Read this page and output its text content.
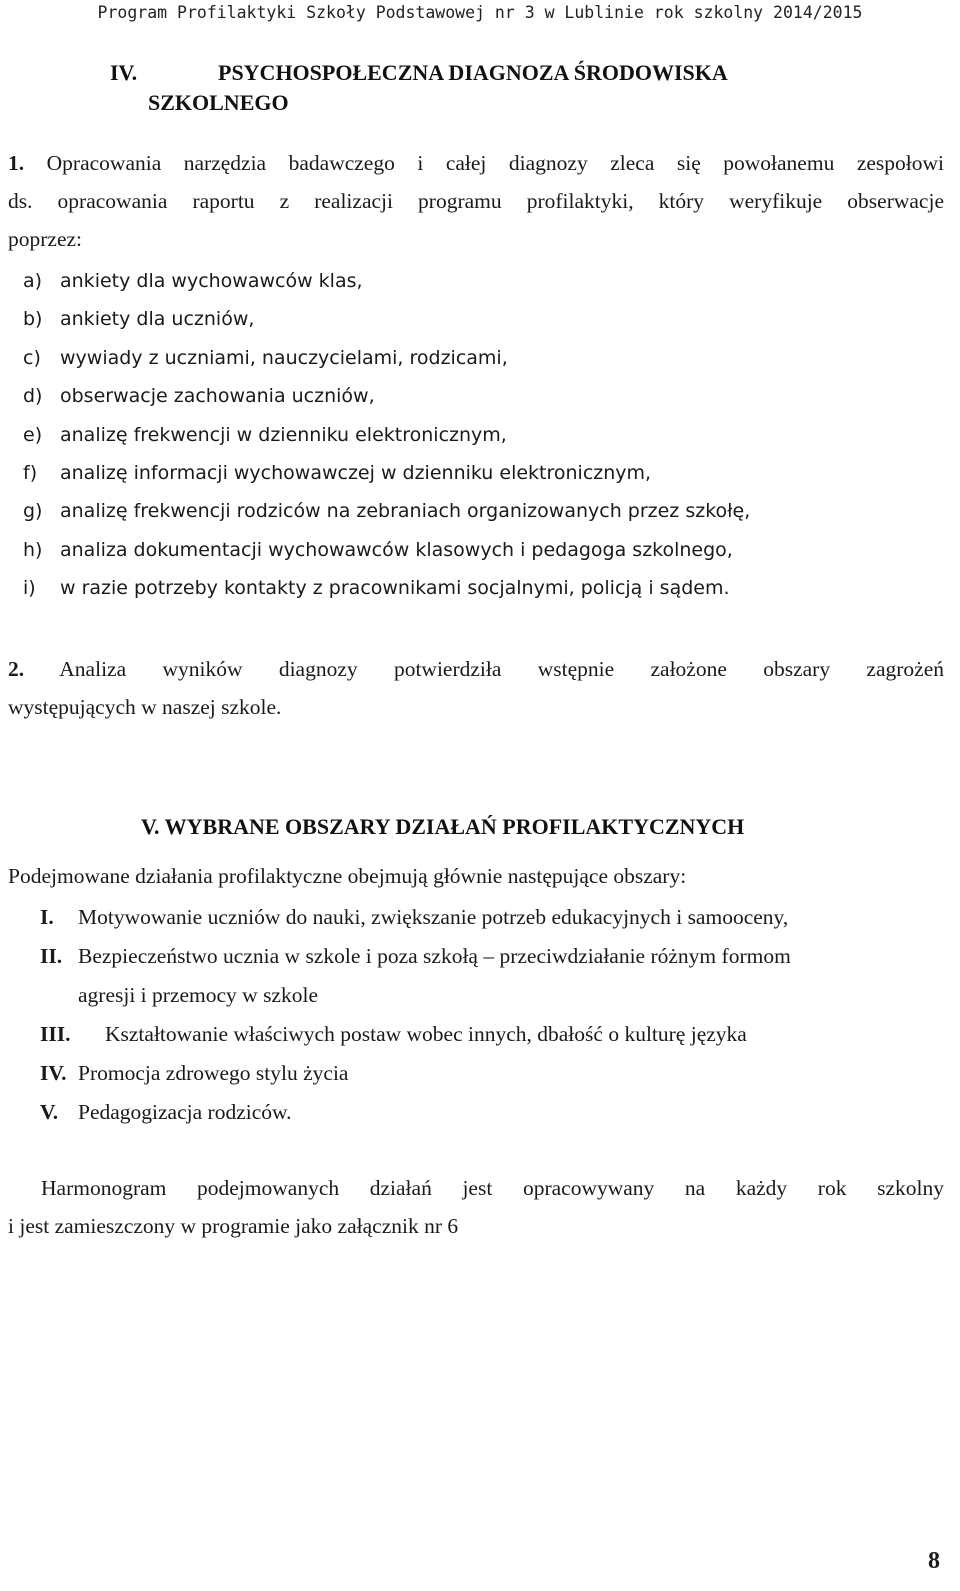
Program Profilaktyki Szkoły Podstawowej nr 3 w Lublinie rok szkolny 2014/2015
IV.	PSYCHOSPOŁECZNA DIAGNOZA ŚRODOWISKA
SZKOLNEGO
1. Opracowania narzędzia badawczego i całej diagnozy zleca się powołanemu zespołowi
ds. opracowania raportu z realizacji programu profilaktyki, który weryfikuje obserwacje
poprzez:
a) ankiety dla wychowawców klas,
b) ankiety dla uczniów,
c)	wywiady z uczniami, nauczycielami, rodzicami,
d) obserwacje zachowania uczniów,
e) analizę frekwencji w dzienniku elektronicznym,
f)	analizę informacji wychowawczej w dzienniku elektronicznym,
g) analizę frekwencji rodziców na zebraniach organizowanych przez szkołę,
h) analiza dokumentacji wychowawców klasowych i pedagoga szkolnego,
i)	w razie potrzeby kontakty z pracownikami socjalnymi, policją i sądem.
2. Analiza wyników diagnozy potwierdziła wstępnie założone obszary zagrożeń
występujących w naszej szkole.
V. WYBRANE OBSZARY DZIAŁAŃ PROFILAKTYCZNYCH
Podejmowane działania profilaktyczne obejmują głównie następujące obszary:
I.	Motywowanie uczniów do nauki, zwiększanie potrzeb edukacyjnych i samooceny,
II. Bezpieczeństwo ucznia w szkole i poza szkołą – przeciwdziałanie różnym formom
agresji i przemocy w szkole
III.	Kształtowanie właściwych postaw wobec innych, dbałość o kulturę języka
IV. Promocja zdrowego stylu życia
V. Pedagogizacja rodziców.
Harmonogram podejmowanych działań jest opracowywany na każdy rok szkolny
i jest zamieszczony w programie jako załącznik nr 6
8
